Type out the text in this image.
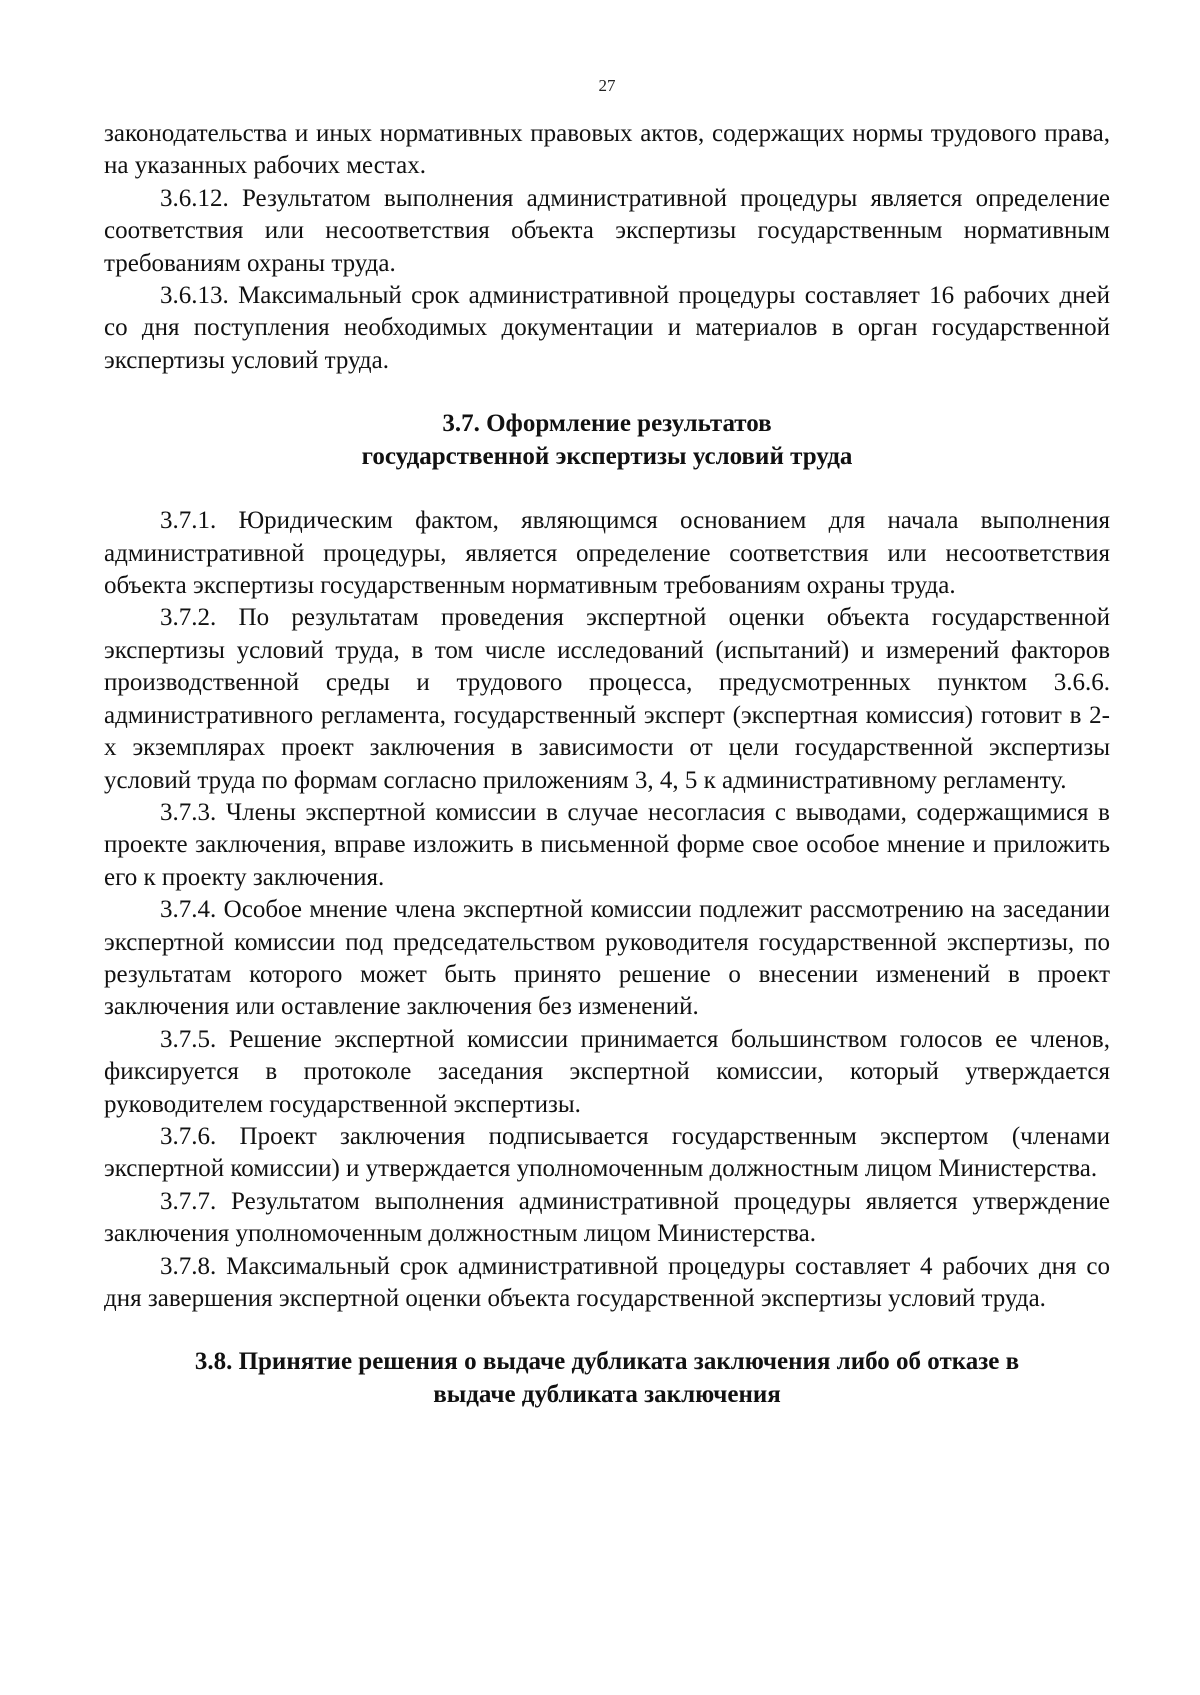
27

законодательства и иных нормативных правовых актов, содержащих нормы трудового права, на указанных рабочих местах.

3.6.12. Результатом выполнения административной процедуры является определение соответствия или несоответствия объекта экспертизы государственным нормативным требованиям охраны труда.

3.6.13. Максимальный срок административной процедуры составляет 16 рабочих дней со дня поступления необходимых документации и материалов в орган государственной экспертизы условий труда.

3.7. Оформление результатов
государственной экспертизы условий труда

3.7.1. Юридическим фактом, являющимся основанием для начала выполнения административной процедуры, является определение соответствия или несоответствия объекта экспертизы государственным нормативным требованиям охраны труда.

3.7.2. По результатам проведения экспертной оценки объекта государственной экспертизы условий труда, в том числе исследований (испытаний) и измерений факторов производственной среды и трудового процесса, предусмотренных пунктом 3.6.6. административного регламента, государственный эксперт (экспертная комиссия) готовит в 2-х экземплярах проект заключения в зависимости от цели государственной экспертизы условий труда по формам согласно приложениям 3, 4, 5 к административному регламенту.

3.7.3. Члены экспертной комиссии в случае несогласия с выводами, содержащимися в проекте заключения, вправе изложить в письменной форме свое особое мнение и приложить его к проекту заключения.

3.7.4. Особое мнение члена экспертной комиссии подлежит рассмотрению на заседании экспертной комиссии под председательством руководителя государственной экспертизы, по результатам которого может быть принято решение о внесении изменений в проект заключения или оставление заключения без изменений.

3.7.5. Решение экспертной комиссии принимается большинством голосов ее членов, фиксируется в протоколе заседания экспертной комиссии, который утверждается руководителем государственной экспертизы.

3.7.6. Проект заключения подписывается государственным экспертом (членами экспертной комиссии) и утверждается уполномоченным должностным лицом Министерства.

3.7.7. Результатом выполнения административной процедуры является утверждение заключения уполномоченным должностным лицом Министерства.

3.7.8. Максимальный срок административной процедуры составляет 4 рабочих дня со дня завершения экспертной оценки объекта государственной экспертизы условий труда.

3.8. Принятие решения о выдаче дубликата заключения либо об отказе в
выдаче дубликата заключения
